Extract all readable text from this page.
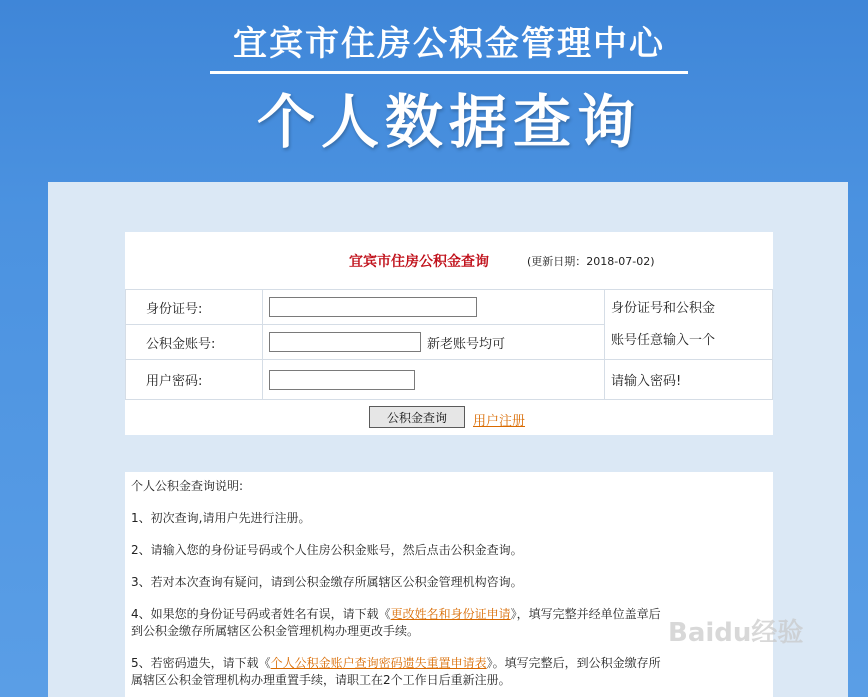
宜宾市住房公积金管理中心
个人数据查询
宜宾市住房公积金查询	(更新日期：2018-07-02)
身份证号:		身份证号和公积金
账号任意输入一个

公积金账号:	新老账号均可	
用户密码:		请输入密码!
公积金查询	用户注册
个人公积金查询说明:
1、初次查询,请用户先进行注册。
2、请输入您的身份证号码或个人住房公积金账号，然后点击公积金查询。
3、若对本次查询有疑问，请到公积金缴存所属辖区公积金管理机构咨询。
4、如果您的身份证号码或者姓名有误，请下载《更改姓名和身份证申请》，填写完整并经单位盖章后
到公积金缴存所属辖区公积金管理机构办理更改手续。
5、若密码遗失，请下载《个人公积金账户查询密码遗失重置申请表》。填写完整后，到公积金缴存所
属辖区公积金管理机构办理重置手续，请职工在2个工作日后重新注册。
Baidu经验
